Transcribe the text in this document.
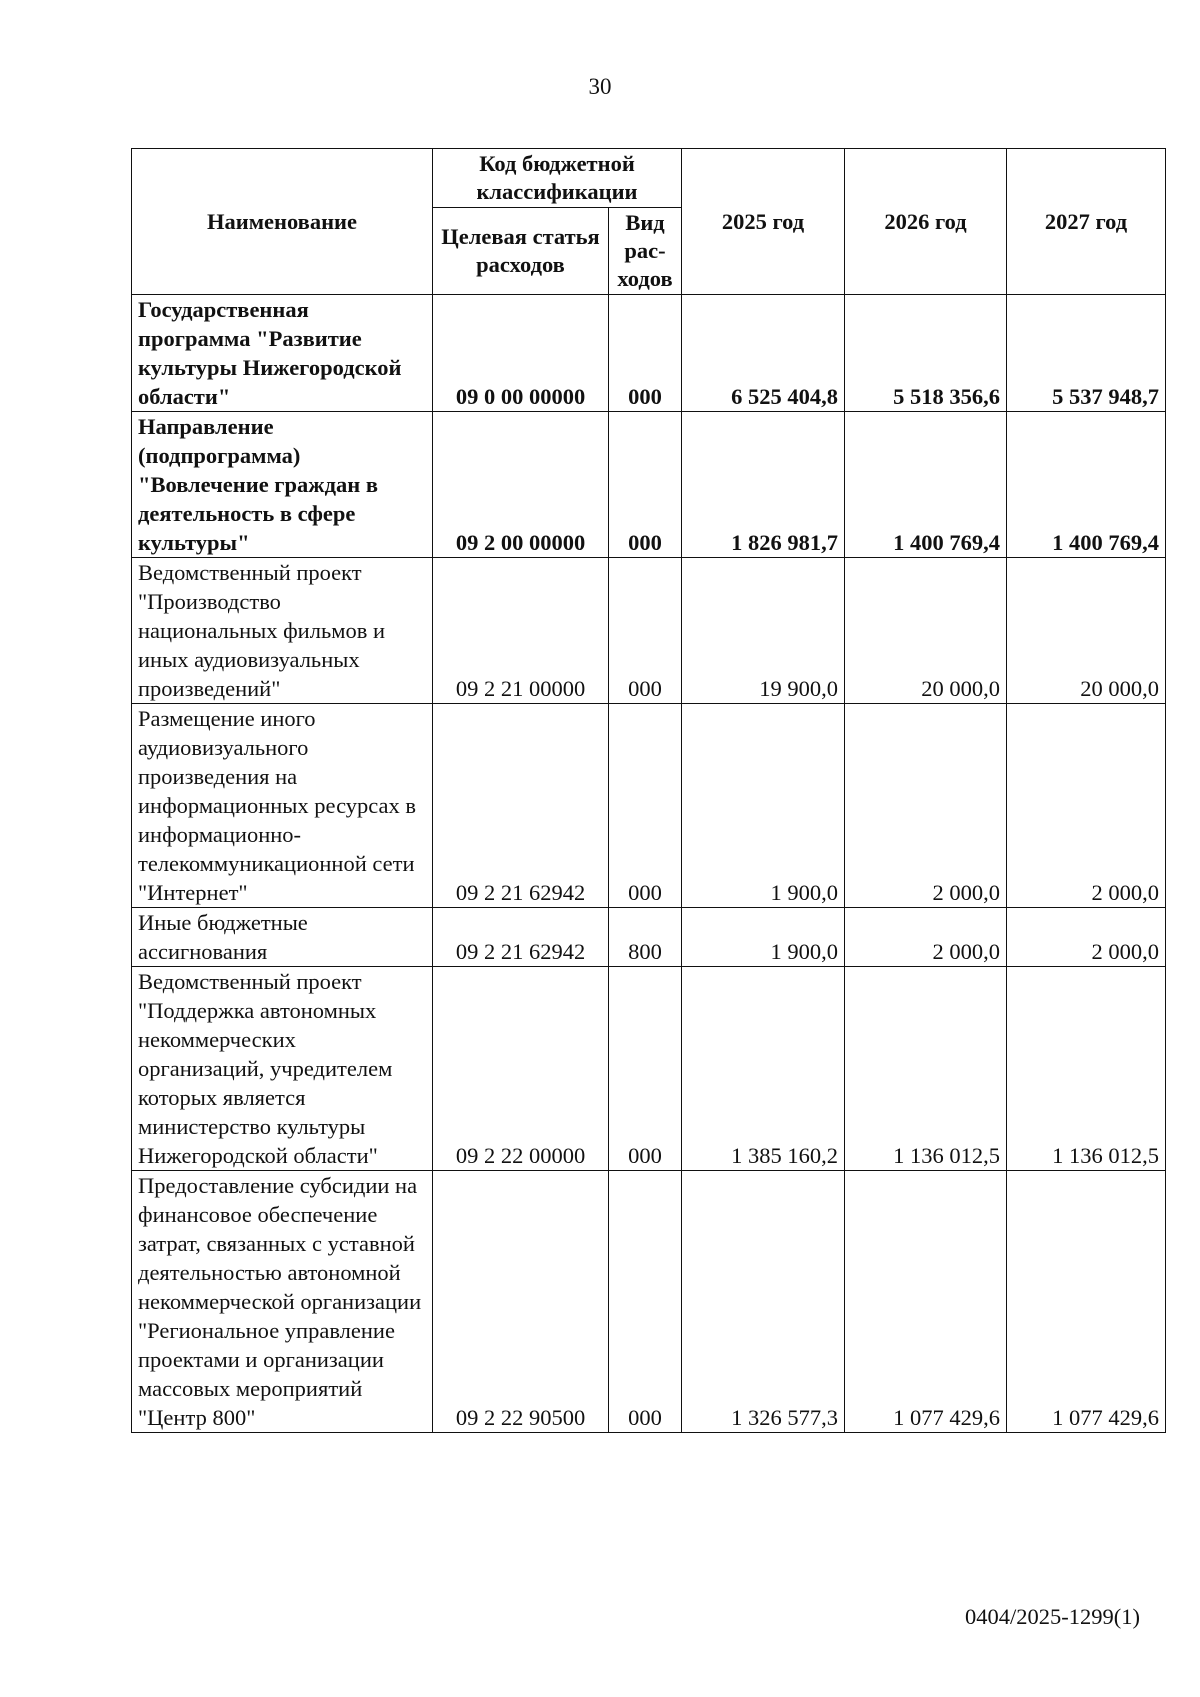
30
Наименование	Код бюджетной классификации		2025 год	2026 год	2027 год
	Целевая статья расходов	Вид рас-ходов			
Государственная программа "Развитие культуры Нижегородской области"	09 0 00 00000	000	6 525 404,8	5 518 356,6	5 537 948,7
Направление (подпрограмма) "Вовлечение граждан в деятельность в сфере культуры"	09 2 00 00000	000	1 826 981,7	1 400 769,4	1 400 769,4
Ведомственный проект "Производство национальных фильмов и иных аудиовизуальных произведений"	09 2 21 00000	000	19 900,0	20 000,0	20 000,0
Размещение иного аудиовизуального произведения на информационных ресурсах в информационно-телекоммуникационной сети "Интернет"	09 2 21 62942	000	1 900,0	2 000,0	2 000,0
Иные бюджетные ассигнования	09 2 21 62942	800	1 900,0	2 000,0	2 000,0
Ведомственный проект "Поддержка автономных некоммерческих организаций, учредителем которых является министерство культуры Нижегородской области"	09 2 22 00000	000	1 385 160,2	1 136 012,5	1 136 012,5
Предоставление субсидии на финансовое обеспечение затрат, связанных с уставной деятельностью автономной некоммерческой организации "Региональное управление проектами и организации массовых мероприятий "Центр 800"	09 2 22 90500	000	1 326 577,3	1 077 429,6	1 077 429,6
0404/2025-1299(1)
